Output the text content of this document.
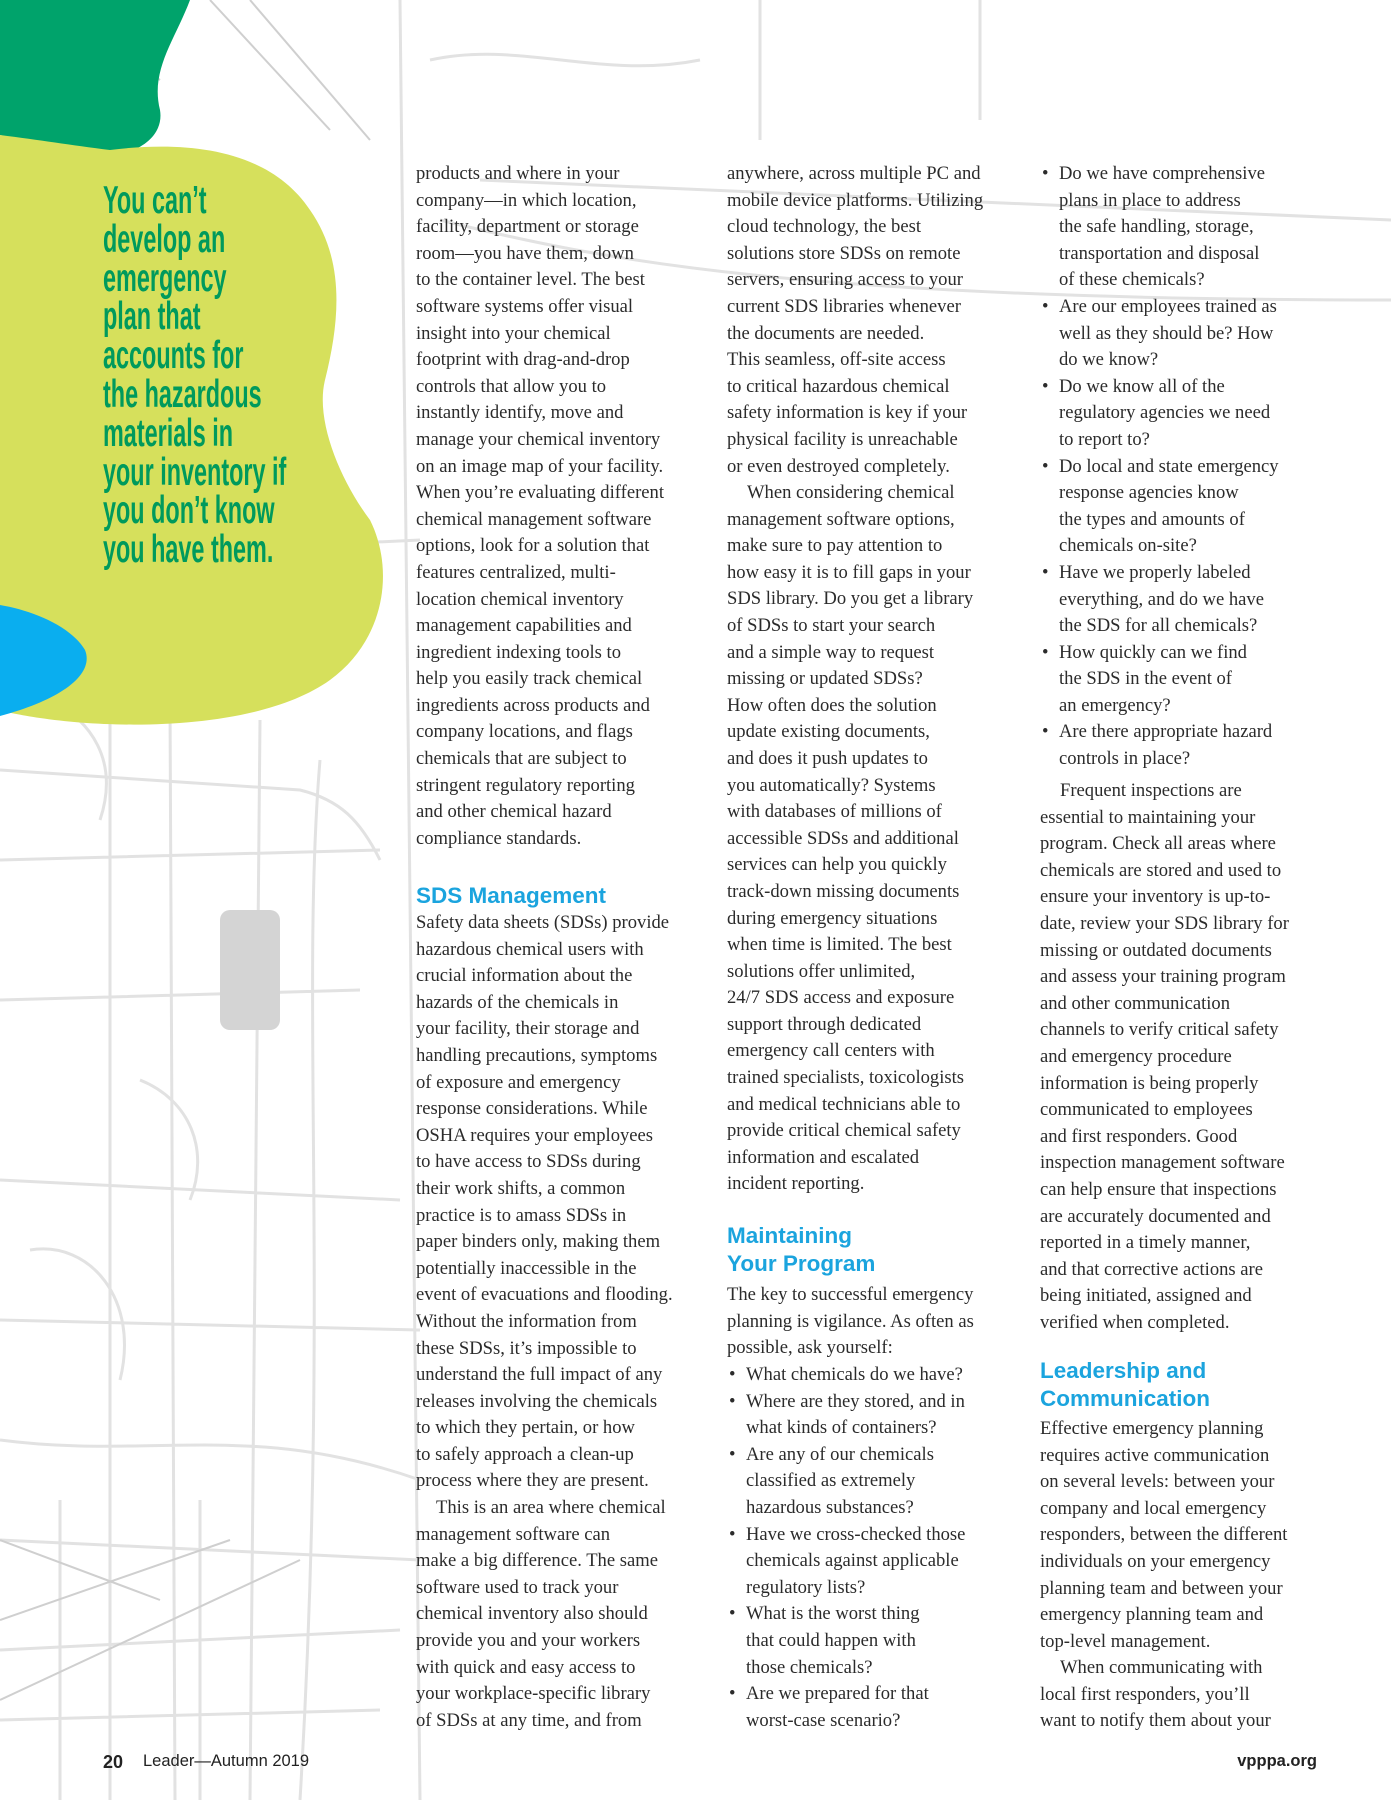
You can’t
develop an
emergency
plan that
accounts for
the hazardous
materials in
your inventory if
you don’t know
you have them.
products and where in your
company—in which location,
facility, department or storage
room—you have them, down
to the container level. The best
software systems offer visual
insight into your chemical
footprint with drag-and-drop
controls that allow you to
instantly identify, move and
manage your chemical inventory
on an image map of your facility.
When you’re evaluating different
chemical management software
options, look for a solution that
features centralized, multi-
location chemical inventory
management capabilities and
ingredient indexing tools to
help you easily track chemical
ingredients across products and
company locations, and flags
chemicals that are subject to
stringent regulatory reporting
and other chemical hazard
compliance standards.
SDS Management
Safety data sheets (SDSs) provide
hazardous chemical users with
crucial information about the
hazards of the chemicals in
your facility, their storage and
handling precautions, symptoms
of exposure and emergency
response considerations. While
OSHA requires your employees
to have access to SDSs during
their work shifts, a common
practice is to amass SDSs in
paper binders only, making them
potentially inaccessible in the
event of evacuations and flooding.
Without the information from
these SDSs, it’s impossible to
understand the full impact of any
releases involving the chemicals
to which they pertain, or how
to safely approach a clean-up
process where they are present.
This is an area where chemical
management software can
make a big difference. The same
software used to track your
chemical inventory also should
provide you and your workers
with quick and easy access to
your workplace-specific library
of SDSs at any time, and from
anywhere, across multiple PC and
mobile device platforms. Utilizing
cloud technology, the best
solutions store SDSs on remote
servers, ensuring access to your
current SDS libraries whenever
the documents are needed.
This seamless, off-site access
to critical hazardous chemical
safety information is key if your
physical facility is unreachable
or even destroyed completely.
When considering chemical
management software options,
make sure to pay attention to
how easy it is to fill gaps in your
SDS library. Do you get a library
of SDSs to start your search
and a simple way to request
missing or updated SDSs?
How often does the solution
update existing documents,
and does it push updates to
you automatically? Systems
with databases of millions of
accessible SDSs and additional
services can help you quickly
track-down missing documents
during emergency situations
when time is limited. The best
solutions offer unlimited,
24/7 SDS access and exposure
support through dedicated
emergency call centers with
trained specialists, toxicologists
and medical technicians able to
provide critical chemical safety
information and escalated
incident reporting.
Maintaining
Your Program
The key to successful emergency
planning is vigilance. As often as
possible, ask yourself:
• What chemicals do we have?
• Where are they stored, and in
what kinds of containers?
• Are any of our chemicals
classified as extremely
hazardous substances?
• Have we cross-checked those
chemicals against applicable
regulatory lists?
• What is the worst thing
that could happen with
those chemicals?
• Are we prepared for that
worst-case scenario?
• Do we have comprehensive
plans in place to address
the safe handling, storage,
transportation and disposal
of these chemicals?
• Are our employees trained as
well as they should be? How
do we know?
• Do we know all of the
regulatory agencies we need
to report to?
• Do local and state emergency
response agencies know
the types and amounts of
chemicals on-site?
• Have we properly labeled
everything, and do we have
the SDS for all chemicals?
• How quickly can we find
the SDS in the event of
an emergency?
• Are there appropriate hazard
controls in place?
Frequent inspections are
essential to maintaining your
program. Check all areas where
chemicals are stored and used to
ensure your inventory is up-to-
date, review your SDS library for
missing or outdated documents
and assess your training program
and other communication
channels to verify critical safety
and emergency procedure
information is being properly
communicated to employees
and first responders. Good
inspection management software
can help ensure that inspections
are accurately documented and
reported in a timely manner,
and that corrective actions are
being initiated, assigned and
verified when completed.
Leadership and
Communication
Effective emergency planning
requires active communication
on several levels: between your
company and local emergency
responders, between the different
individuals on your emergency
planning team and between your
emergency planning team and
top-level management.
When communicating with
local first responders, you’ll
want to notify them about your
20 Leader—Autumn 2019	vpppa.org
